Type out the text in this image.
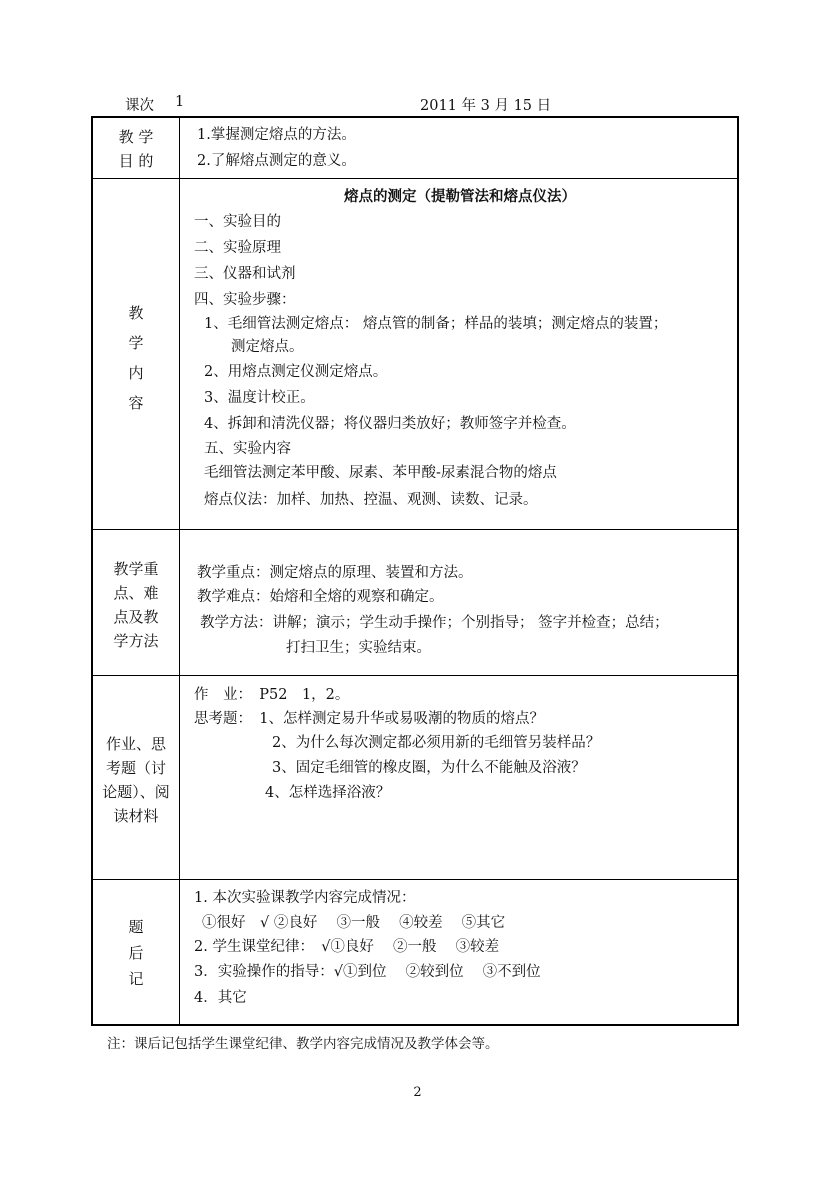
课次 1	2011 年 3 月 15 日
教 学
目 的
1.掌握测定熔点的方法。
2.了解熔点测定的意义。
教
学
内
容
熔点的测定（提勒管法和熔点仪法）
一、实验目的
二、实验原理
三、仪器和试剂
四、实验步骤：
1、毛细管法测定熔点： 熔点管的制备；样品的装填；测定熔点的装置；
测定熔点。
2、用熔点测定仪测定熔点。
3、温度计校正。
4、拆卸和清洗仪器；将仪器归类放好；教师签字并检查。
五、实验内容
毛细管法测定苯甲酸、尿素、苯甲酸-尿素混合物的熔点
熔点仪法：加样、加热、控温、观测、读数、记录。
教学重
点、难
点及教
学方法
教学重点：测定熔点的原理、装置和方法。
教学难点：始熔和全熔的观察和确定。
教学方法：讲解；演示；学生动手操作；个别指导； 签字并检查；总结；
打扫卫生；实验结束。
作业、思
考题（讨
论题）、阅
读材料
作　业：　P52　1，2。
思考题：　1、怎样测定易升华或易吸潮的物质的熔点？
2、为什么每次测定都必须用新的毛细管另装样品？
3、固定毛细管的橡皮圈，为什么不能触及浴液？
4、怎样选择浴液？
题
后
记
1. 本次实验课教学内容完成情况：
①很好　√ ②良好　 ③一般　 ④较差　 ⑤其它
2. 学生课堂纪律：　√①良好　 ②一般　 ③较差
3．实验操作的指导：√①到位　 ②较到位　 ③不到位
4．其它
注：课后记包括学生课堂纪律、教学内容完成情况及教学体会等。
2
